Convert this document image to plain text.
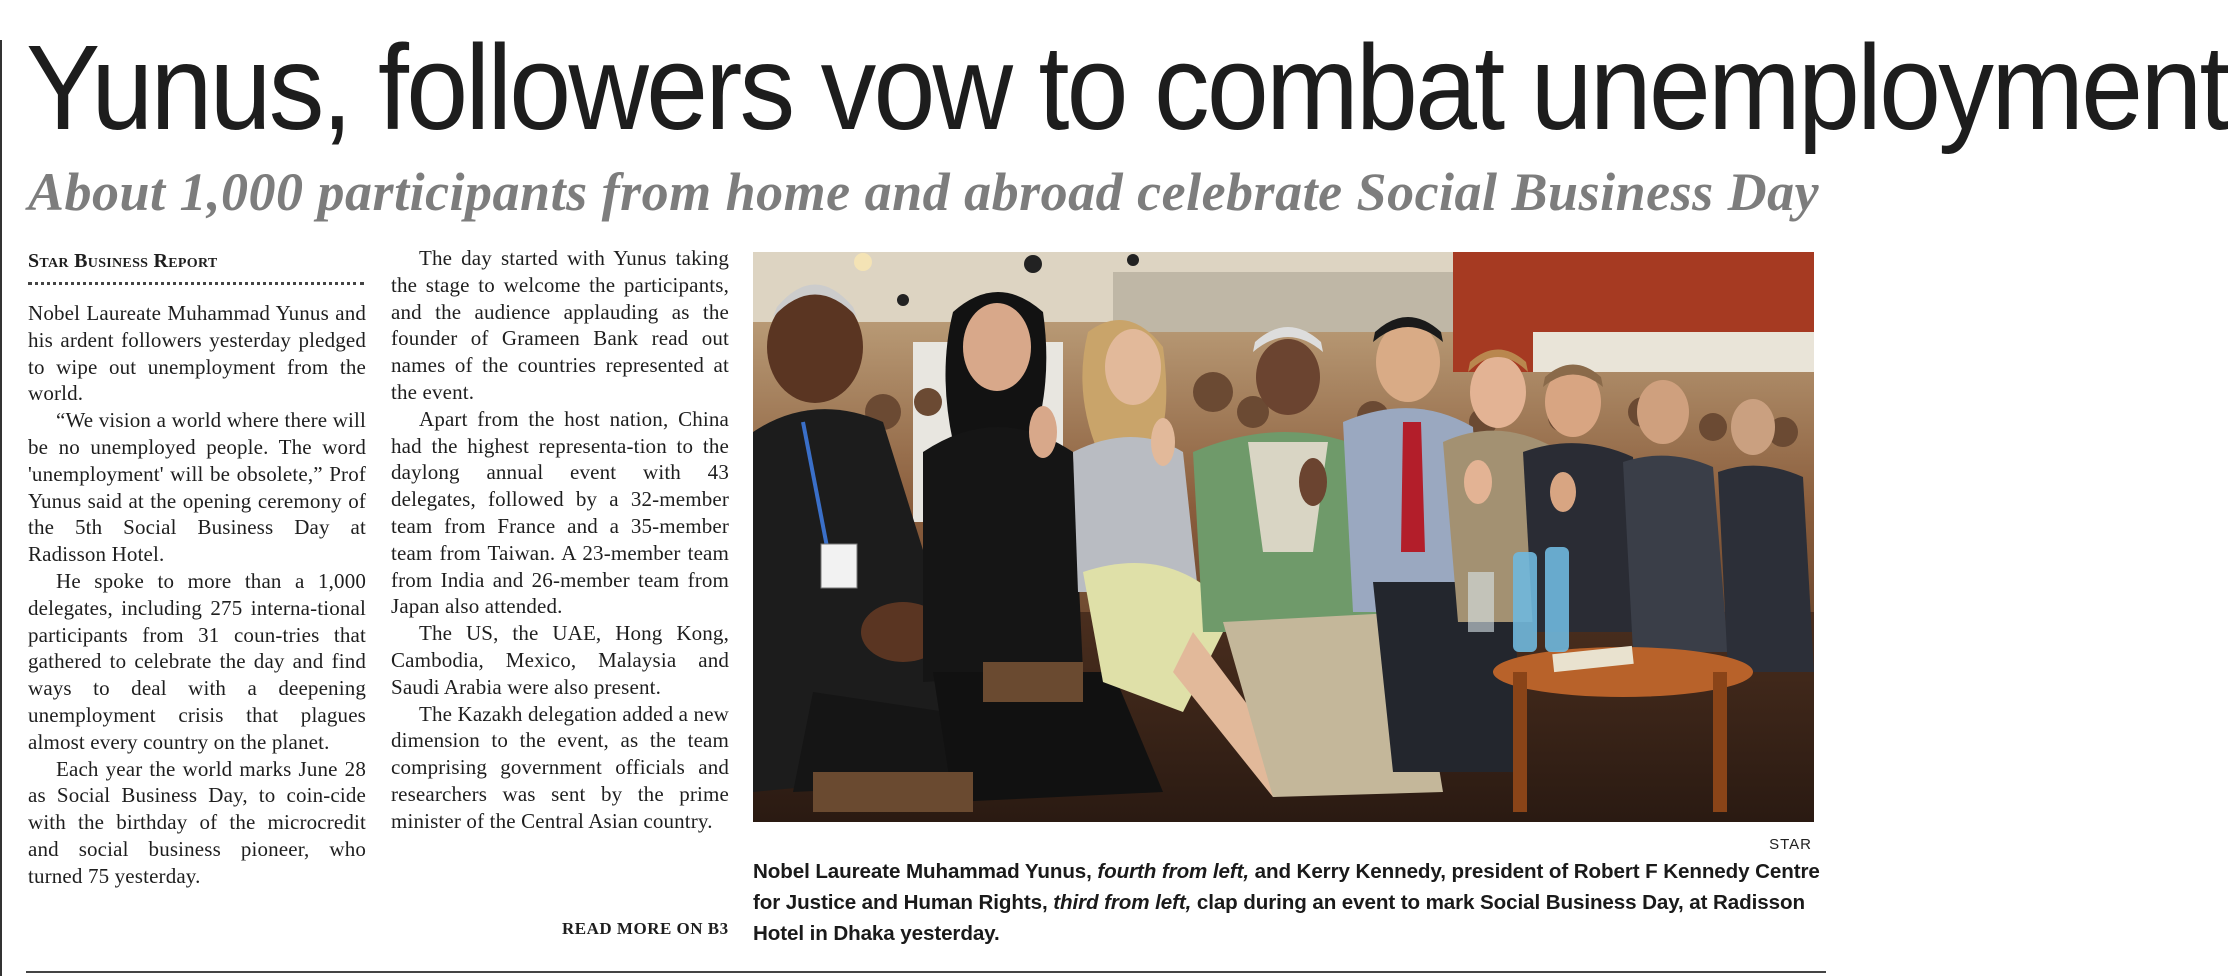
Yunus, followers vow to combat unemployment
About 1,000 participants from home and abroad celebrate Social Business Day
Star Business Report

Nobel Laureate Muhammad Yunus and his ardent followers yesterday pledged to wipe out unemployment from the world.

“We vision a world where there will be no unemployed people. The word 'unemployment' will be obsolete,” Prof Yunus said at the opening ceremony of the 5th Social Business Day at Radisson Hotel.

He spoke to more than a 1,000 delegates, including 275 interna-tional participants from 31 coun-tries that gathered to celebrate the day and find ways to deal with a deepening unemployment crisis that plagues almost every country on the planet.

Each year the world marks June 28 as Social Business Day, to coin-cide with the birthday of the microcredit and social business pioneer, who turned 75 yesterday.

The day started with Yunus taking the stage to welcome the participants, and the audience applauding as the founder of Grameen Bank read out names of the countries represented at the event.

Apart from the host nation, China had the highest representa-tion to the daylong annual event with 43 delegates, followed by a 32-member team from France and a 35-member team from Taiwan. A 23-member team from India and 26-member team from Japan also attended.

The US, the UAE, Hong Kong, Cambodia, Mexico, Malaysia and Saudi Arabia were also present.

The Kazakh delegation added a new dimension to the event, as the team comprising government officials and researchers was sent by the prime minister of the Central Asian country.

READ MORE ON B3
STAR
Nobel Laureate Muhammad Yunus, fourth from left, and Kerry Kennedy, president of Robert F Kennedy Centre for Justice and Human Rights, third from left, clap during an event to mark Social Business Day, at Radisson Hotel in Dhaka yesterday.
